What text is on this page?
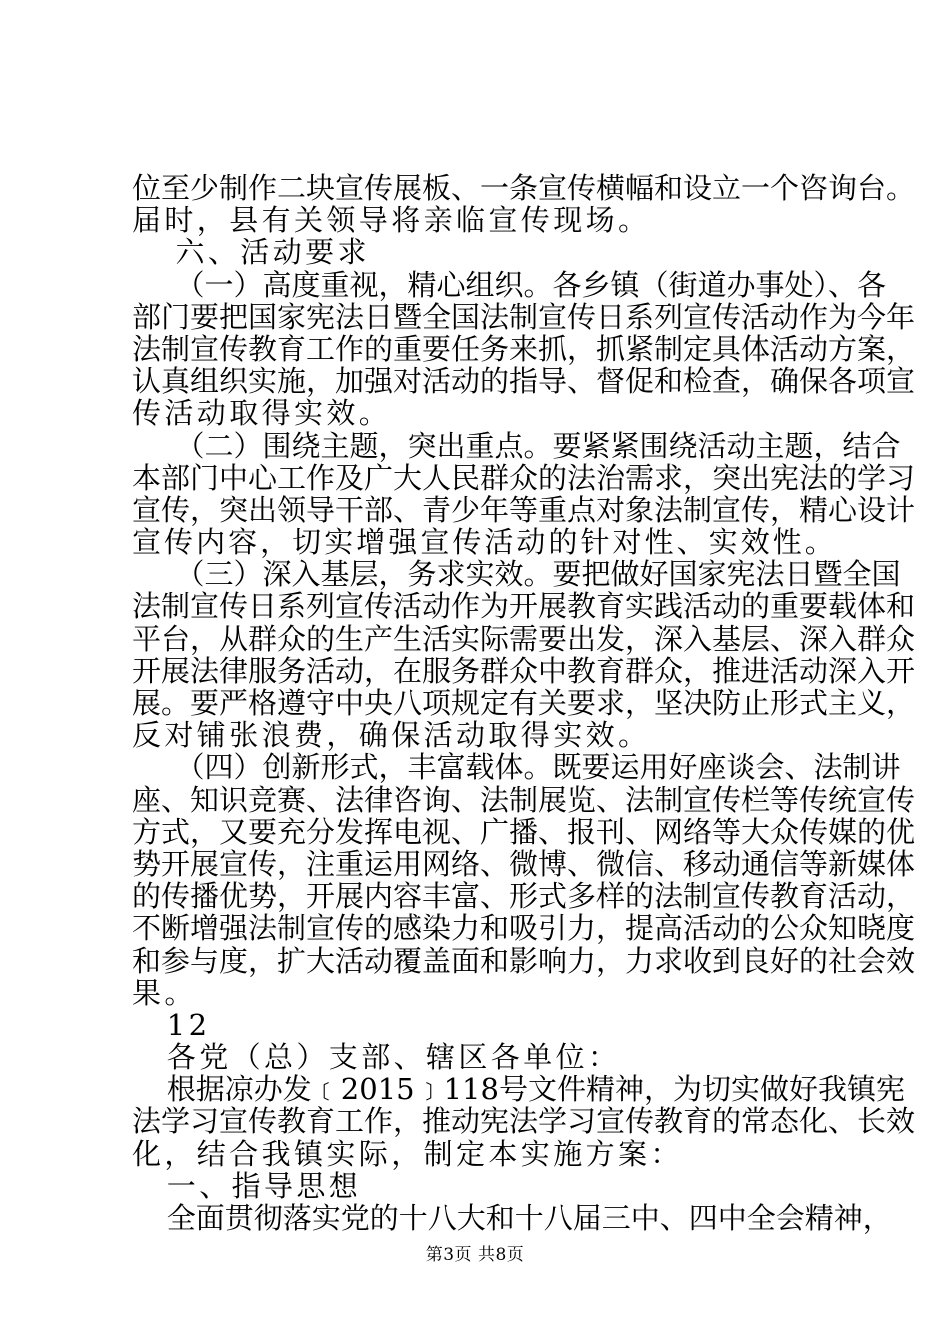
位至少制作二块宣传展板、一条宣传横幅和设立一个咨询台。
届时，县有关领导将亲临宣传现场。
六、活动要求
（一）高度重视，精心组织。各乡镇（街道办事处）、各
部门要把国家宪法日暨全国法制宣传日系列宣传活动作为今年
法制宣传教育工作的重要任务来抓，抓紧制定具体活动方案，
认真组织实施，加强对活动的指导、督促和检查，确保各项宣
传活动取得实效。
（二）围绕主题，突出重点。要紧紧围绕活动主题，结合
本部门中心工作及广大人民群众的法治需求，突出宪法的学习
宣传，突出领导干部、青少年等重点对象法制宣传，精心设计
宣传内容，切实增强宣传活动的针对性、实效性。
（三）深入基层，务求实效。要把做好国家宪法日暨全国
法制宣传日系列宣传活动作为开展教育实践活动的重要载体和
平台，从群众的生产生活实际需要出发，深入基层、深入群众
开展法律服务活动，在服务群众中教育群众，推进活动深入开
展。要严格遵守中央八项规定有关要求，坚决防止形式主义，
反对铺张浪费，确保活动取得实效。
（四）创新形式，丰富载体。既要运用好座谈会、法制讲
座、知识竞赛、法律咨询、法制展览、法制宣传栏等传统宣传
方式，又要充分发挥电视、广播、报刊、网络等大众传媒的优
势开展宣传，注重运用网络、微博、微信、移动通信等新媒体
的传播优势，开展内容丰富、形式多样的法制宣传教育活动，
不断增强法制宣传的感染力和吸引力，提高活动的公众知晓度
和参与度，扩大活动覆盖面和影响力，力求收到良好的社会效
果。
12
各党（总）支部、辖区各单位：
根据凉办发﹝2015﹞118号文件精神，为切实做好我镇宪
法学习宣传教育工作，推动宪法学习宣传教育的常态化、长效
化，结合我镇实际，制定本实施方案：
一、指导思想
全面贯彻落实党的十八大和十八届三中、四中全会精神，
第3页 共8页
